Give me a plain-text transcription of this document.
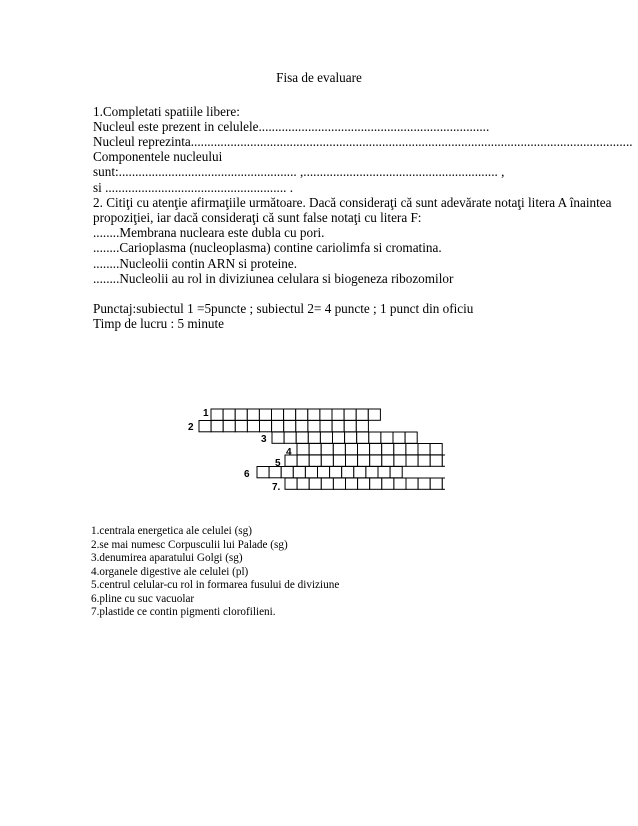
Fisa de evaluare
1.Completati spatiile libere:
Nucleul este prezent in celulele......................................................................
Nucleul reprezinta......................................................................................................................................
Componentele nucleului
sunt:...................................................... ,........................................................... ,
si ....................................................... .
2. Citiţi cu atenţie afirmaţiile următoare. Dacă consideraţi că sunt adevărate notaţi litera A înaintea
propoziţiei, iar dacă consideraţi că sunt false notaţi cu litera F:
........Membrana nucleara este dubla cu pori.
........Carioplasma (nucleoplasma) contine cariolimfa si cromatina.
........Nucleolii contin ARN si proteine.
........Nucleolii au rol in diviziunea celulara si biogeneza ribozomilor
Punctaj:subiectul 1 =5puncte ; subiectul 2= 4 puncte ; 1 punct din oficiu
Timp de lucru : 5 minute
1
2
3
4
5
6
7.
1.centrala energetica ale celulei (sg)
2.se mai numesc Corpusculii lui Palade (sg)
3.denumirea aparatului Golgi (sg)
4.organele digestive ale celulei (pl)
5.centrul celular-cu rol in formarea fusului de diviziune
6.pline cu suc vacuolar
7.plastide ce contin pigmenti clorofilieni.
